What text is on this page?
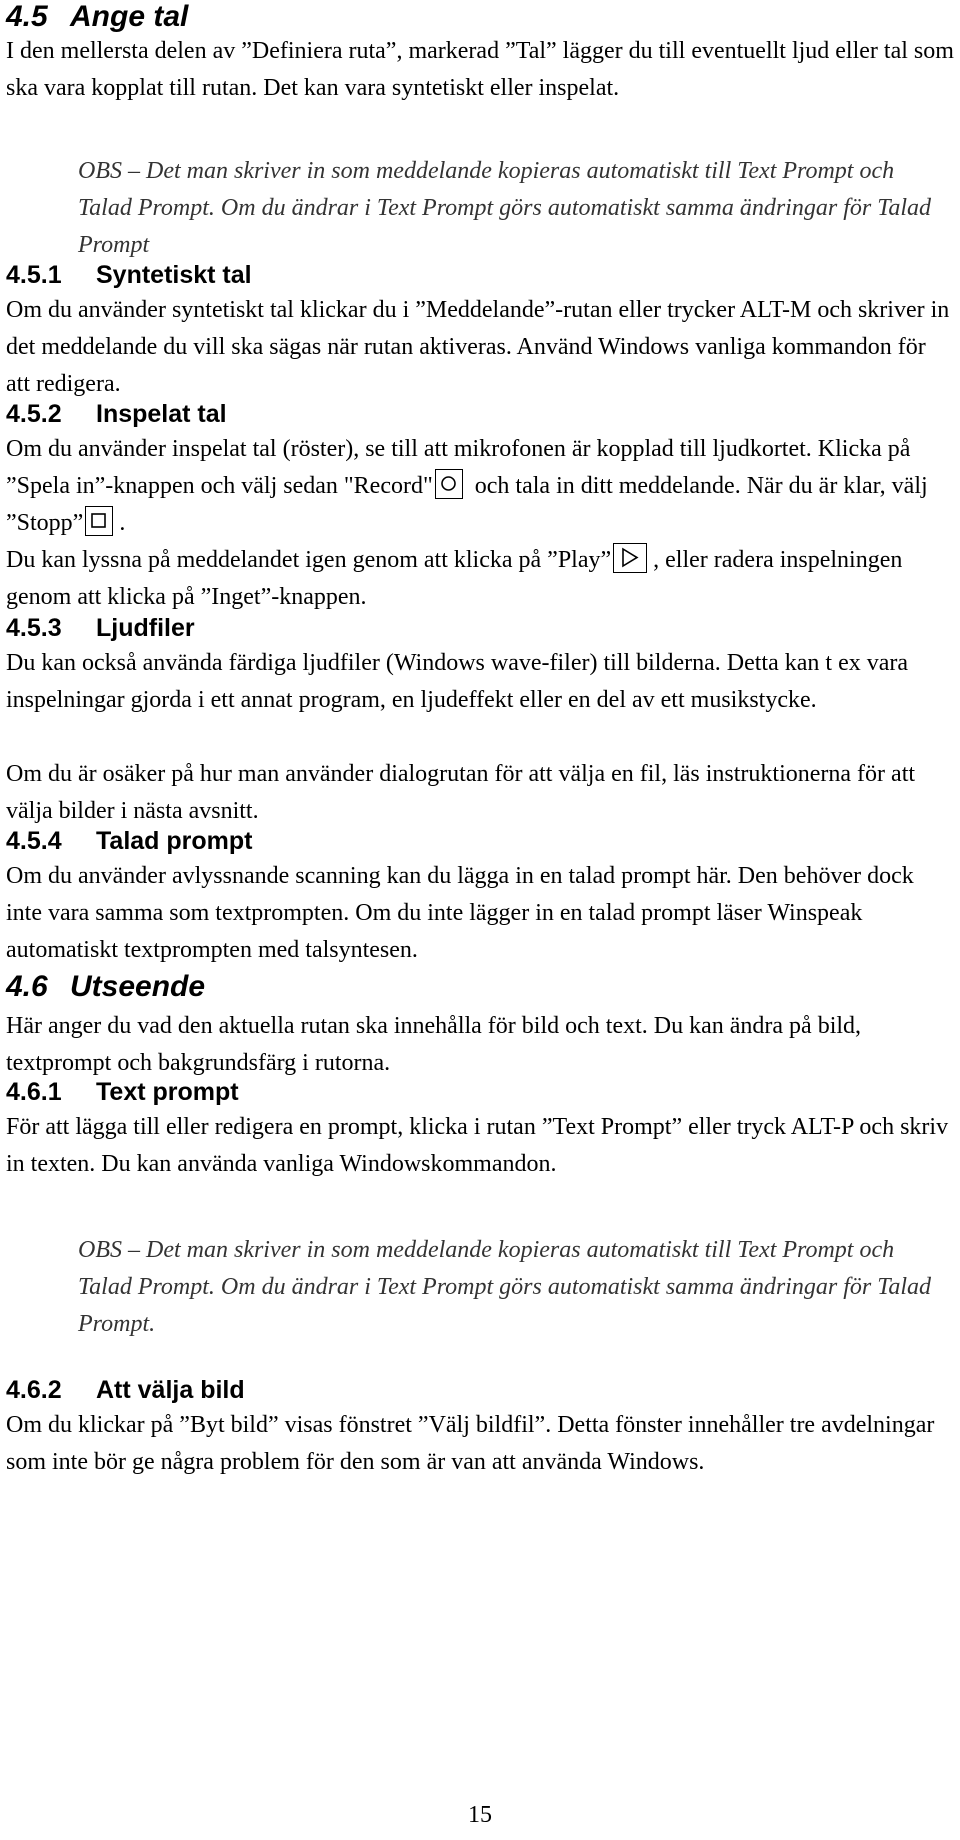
4.5 Ange tal

I den mellersta delen av ”Definiera ruta”, markerad ”Tal” lägger du till eventuellt ljud eller tal som ska vara kopplat till rutan. Det kan vara syntetiskt eller inspelat.

OBS – Det man skriver in som meddelande kopieras automatiskt till Text Prompt och Talad Prompt. Om du ändrar i Text Prompt görs automatiskt samma ändringar för Talad Prompt

4.5.1 Syntetiskt tal

Om du använder syntetiskt tal klickar du i ”Meddelande”-rutan eller trycker ALT-M och skriver in det meddelande du vill ska sägas när rutan aktiveras. Använd Windows vanliga kommandon för att redigera.

4.5.2 Inspelat tal

Om du använder inspelat tal (röster), se till att mikrofonen är kopplad till ljudkortet. Klicka på ”Spela in”-knappen och välj sedan "Record"
och tala in ditt meddelande. När du är klar, välj ”Stopp” .

Du kan lyssna på meddelandet igen genom att klicka på ”Play” , eller radera inspelningen genom att klicka på ”Inget”-knappen.

4.5.3 Ljudfiler

Du kan också använda färdiga ljudfiler (Windows wave-filer) till bilderna. Detta kan t ex vara inspelningar gjorda i ett annat program, en ljudeffekt eller en del av ett musikstycke.

Om du är osäker på hur man använder dialogrutan för att välja en fil, läs instruktionerna för att välja bilder i nästa avsnitt.

4.5.4 Talad prompt

Om du använder avlyssnande scanning kan du lägga in en talad prompt här. Den behöver dock inte vara samma som textprompten. Om du inte lägger in en talad prompt läser Winspeak automatiskt textprompten med talsyntesen.

4.6 Utseende

Här anger du vad den aktuella rutan ska innehålla för bild och text. Du kan ändra på bild, textprompt och bakgrundsfärg i rutorna.

4.6.1 Text prompt

För att lägga till eller redigera en prompt, klicka i rutan ”Text Prompt” eller tryck ALT-P och skriv in texten. Du kan använda vanliga Windowskommandon.

OBS – Det man skriver in som meddelande kopieras automatiskt till Text Prompt och Talad Prompt. Om du ändrar i Text Prompt görs automatiskt samma ändringar för Talad Prompt.

4.6.2 Att välja bild

Om du klickar på ”Byt bild” visas fönstret ”Välj bildfil”. Detta fönster innehåller tre avdelningar som inte bör ge några problem för den som är van att använda Windows.

15
